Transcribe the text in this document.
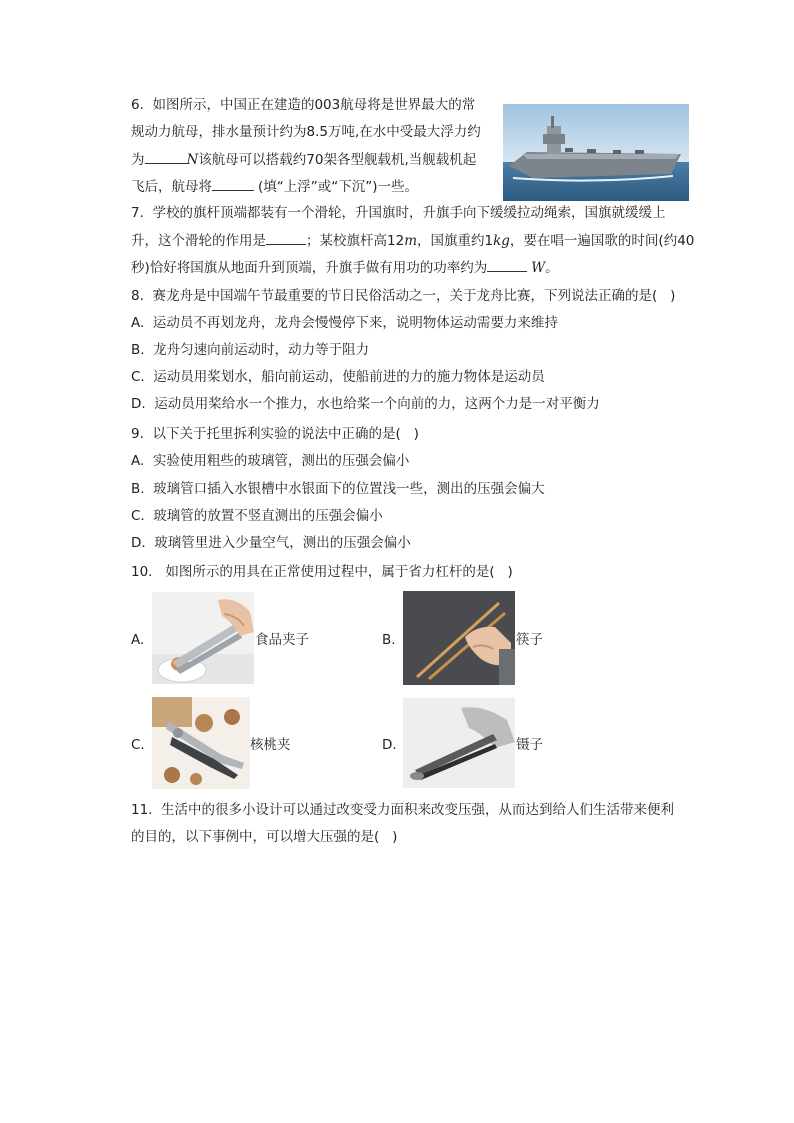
6.  如图所示，中国正在建造的003航母将是世界最大的常
规动力航母，排水量预计约为8.5万吨,在水中受最大浮力约
为	N该航母可以搭载约70架各型舰载机,当舰载机起
飞后，航母将	(填“上浮”或“下沉”)一些。
7.  学校的旗杆顶端都装有一个滑轮，升国旗时，升旗手向下缓缓拉动绳索，国旗就缓缓上
升，这个滑轮的作用是	；某校旗杆高12m，国旗重约1kg，要在唱一遍国歌的时间(约40
秒)恰好将国旗从地面升到顶端，升旗手做有用功的功率约为	W。
8.  赛龙舟是中国端午节最重要的节日民俗活动之一，关于龙舟比赛，下列说法正确的是(   )
A.  运动员不再划龙舟，龙舟会慢慢停下来，说明物体运动需要力来维持
B.  龙舟匀速向前运动时，动力等于阻力
C.  运动员用桨划水，船向前运动，使船前进的力的施力物体是运动员
D.  运动员用桨给水一个推力，水也给桨一个向前的力，这两个力是一对平衡力
9.  以下关于托里拆利实验的说法中正确的是(   )
A.  实验使用粗些的玻璃管，测出的压强会偏小
B.  玻璃管口插入水银槽中水银面下的位置浅一些，测出的压强会偏大
C.  玻璃管的放置不竖直测出的压强会偏小
D.  玻璃管里进入少量空气，测出的压强会偏小
10.   如图所示的用具在正常使用过程中，属于省力杠杆的是(   )
A.	食品夹子	B.	筷子
C.	核桃夹	D.	镊子
11.  生活中的很多小设计可以通过改变受力面积来改变压强，从而达到给人们生活带来便利
的目的，以下事例中，可以增大压强的是(   )
